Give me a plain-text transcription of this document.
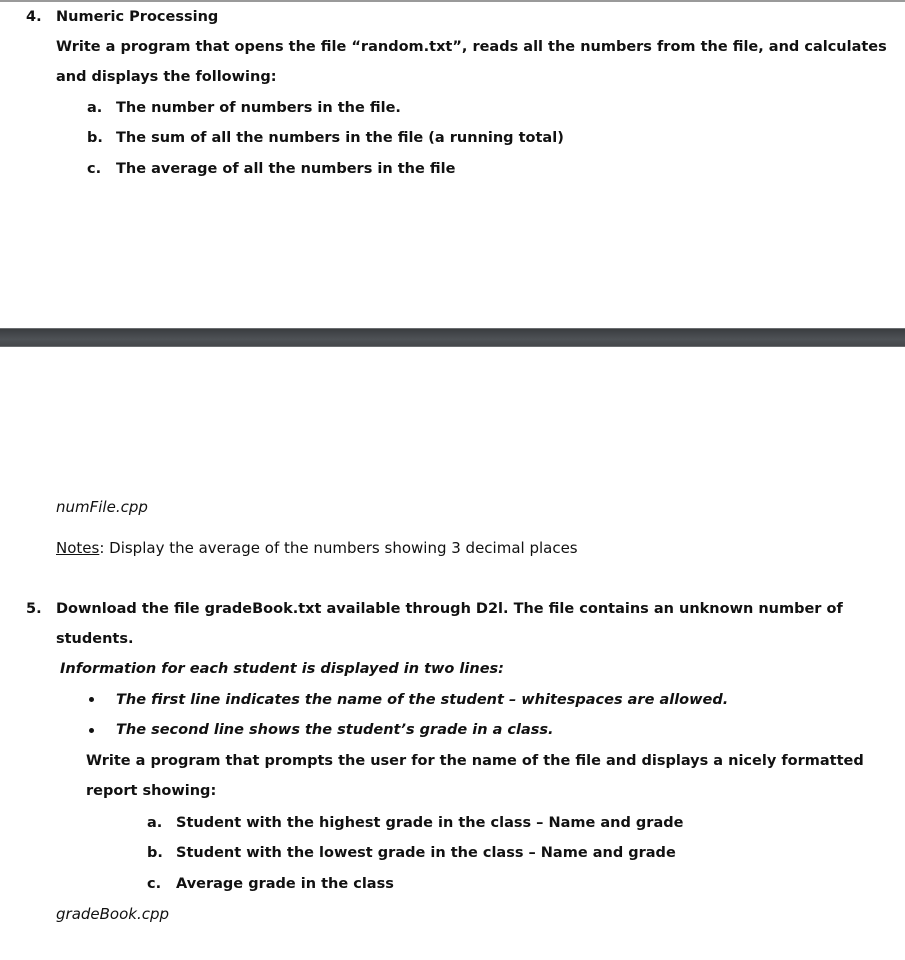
4. Numeric Processing
Write a program that opens the file “random.txt”, reads all the numbers from the file, and calculates
and displays the following:
a. The number of numbers in the file.
b. The sum of all the numbers in the file (a running total)
c. The average of all the numbers in the file
numFile.cpp
Notes: Display the average of the numbers showing 3 decimal places
5. Download the file gradeBook.txt available through D2l. The file contains an unknown number of
students.
Information for each student is displayed in two lines:
The first line indicates the name of the student – whitespaces are allowed.
The second line shows the student’s grade in a class.
Write a program that prompts the user for the name of the file and displays a nicely formatted
report showing:
a. Student with the highest grade in the class – Name and grade
b. Student with the lowest grade in the class – Name and grade
c. Average grade in the class
gradeBook.cpp
